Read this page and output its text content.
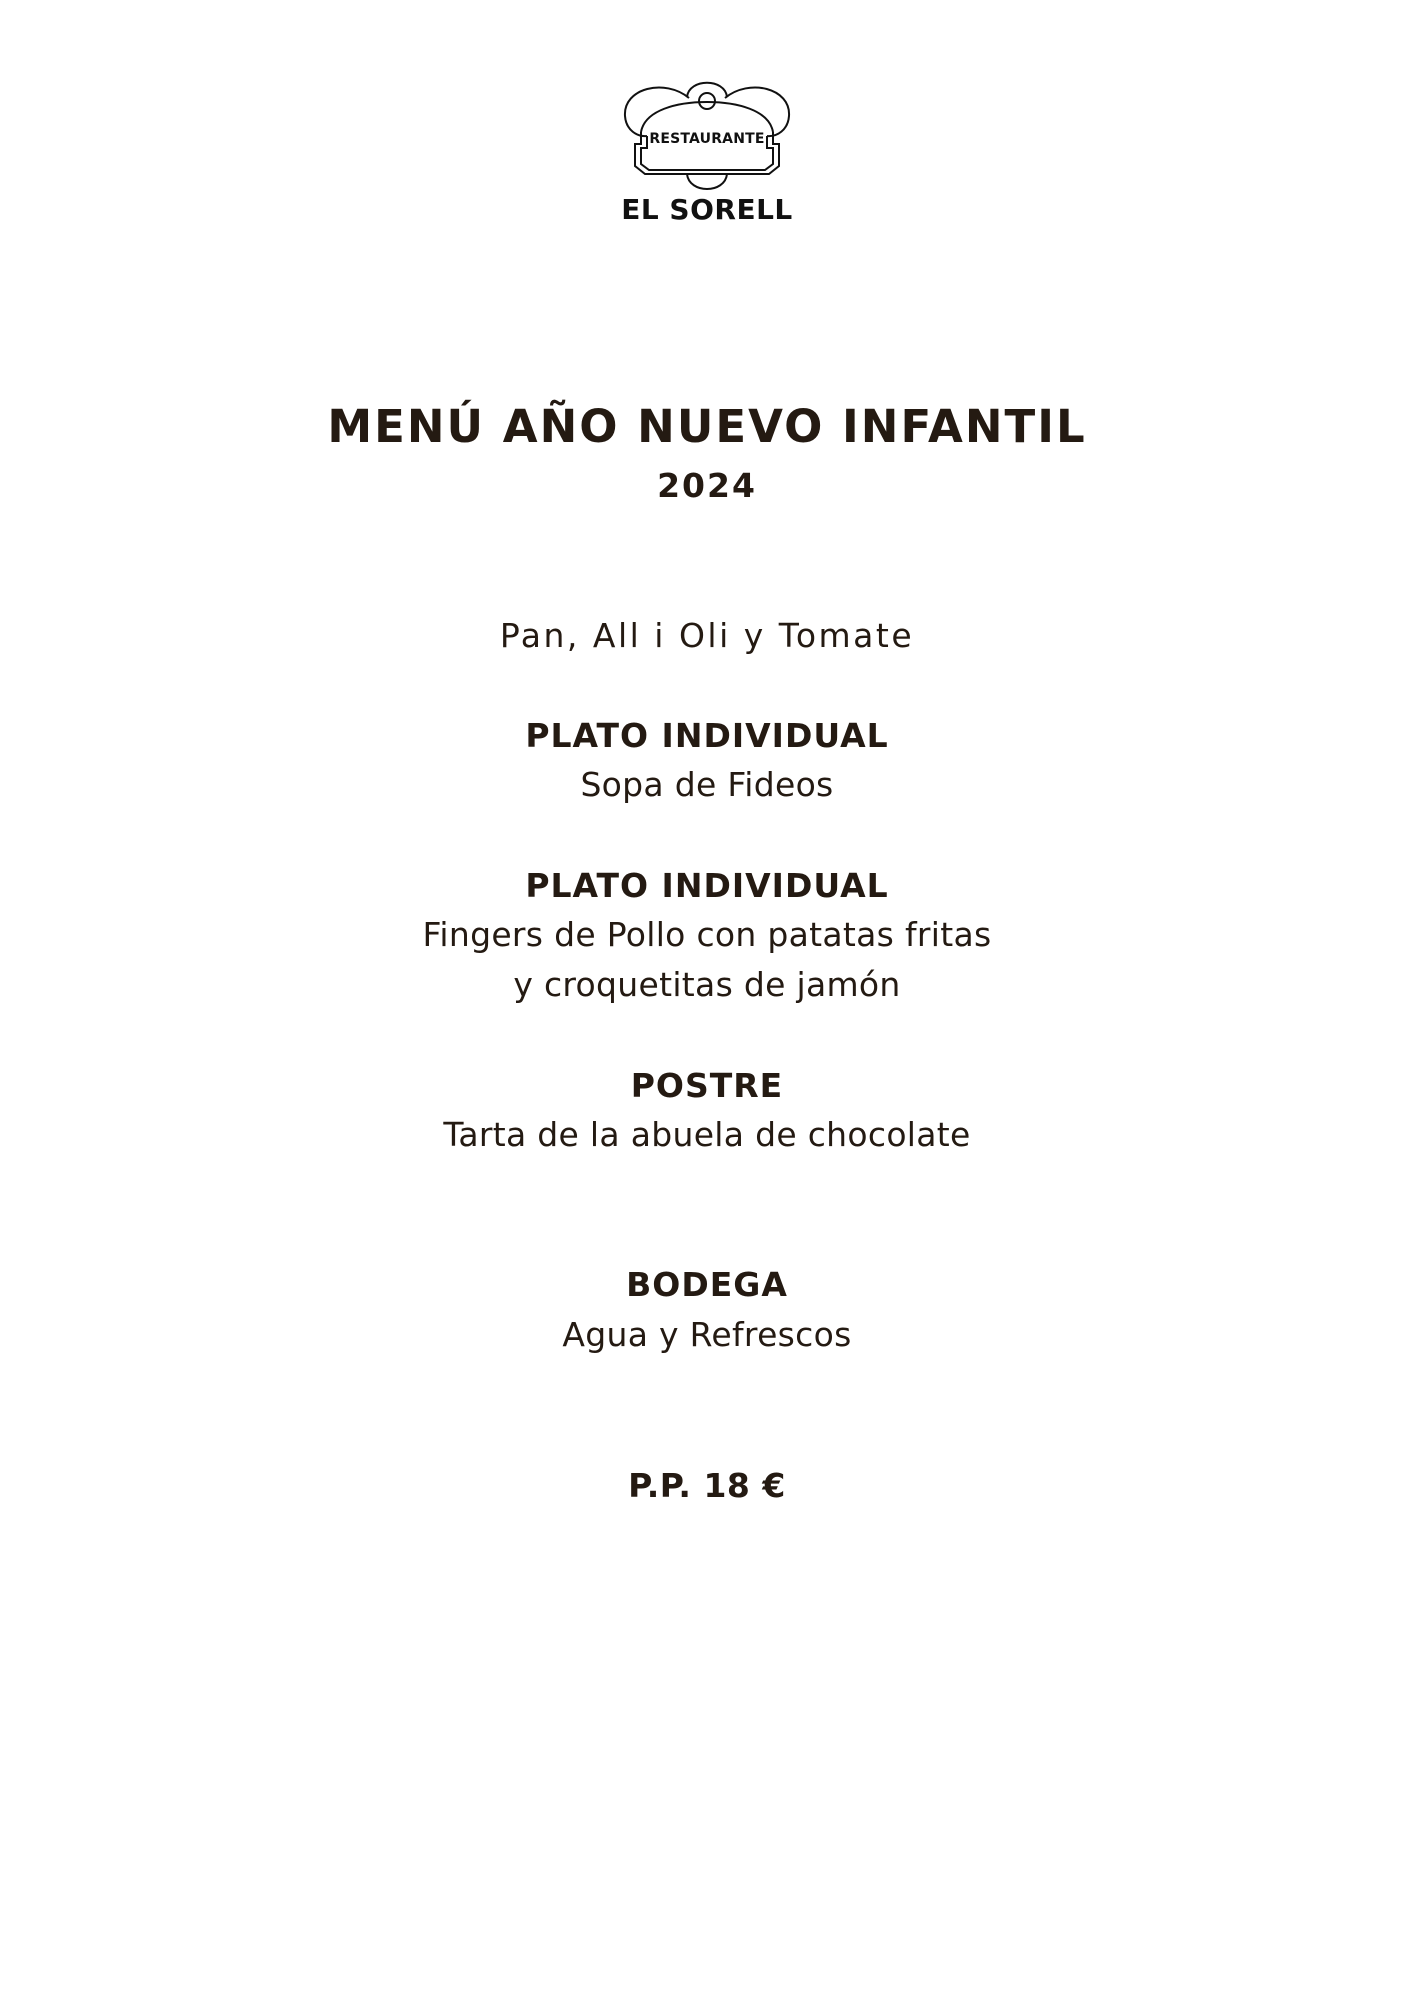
RESTAURANTE
EL SORELL
MENÚ AÑO NUEVO INFANTIL
2024
Pan, All i Oli y Tomate
PLATO INDIVIDUAL
Sopa de Fideos
PLATO INDIVIDUAL
Fingers de Pollo con patatas fritas
y croquetitas de jamón
POSTRE
Tarta de la abuela de chocolate
BODEGA
Agua y Refrescos
P.P. 18 €
